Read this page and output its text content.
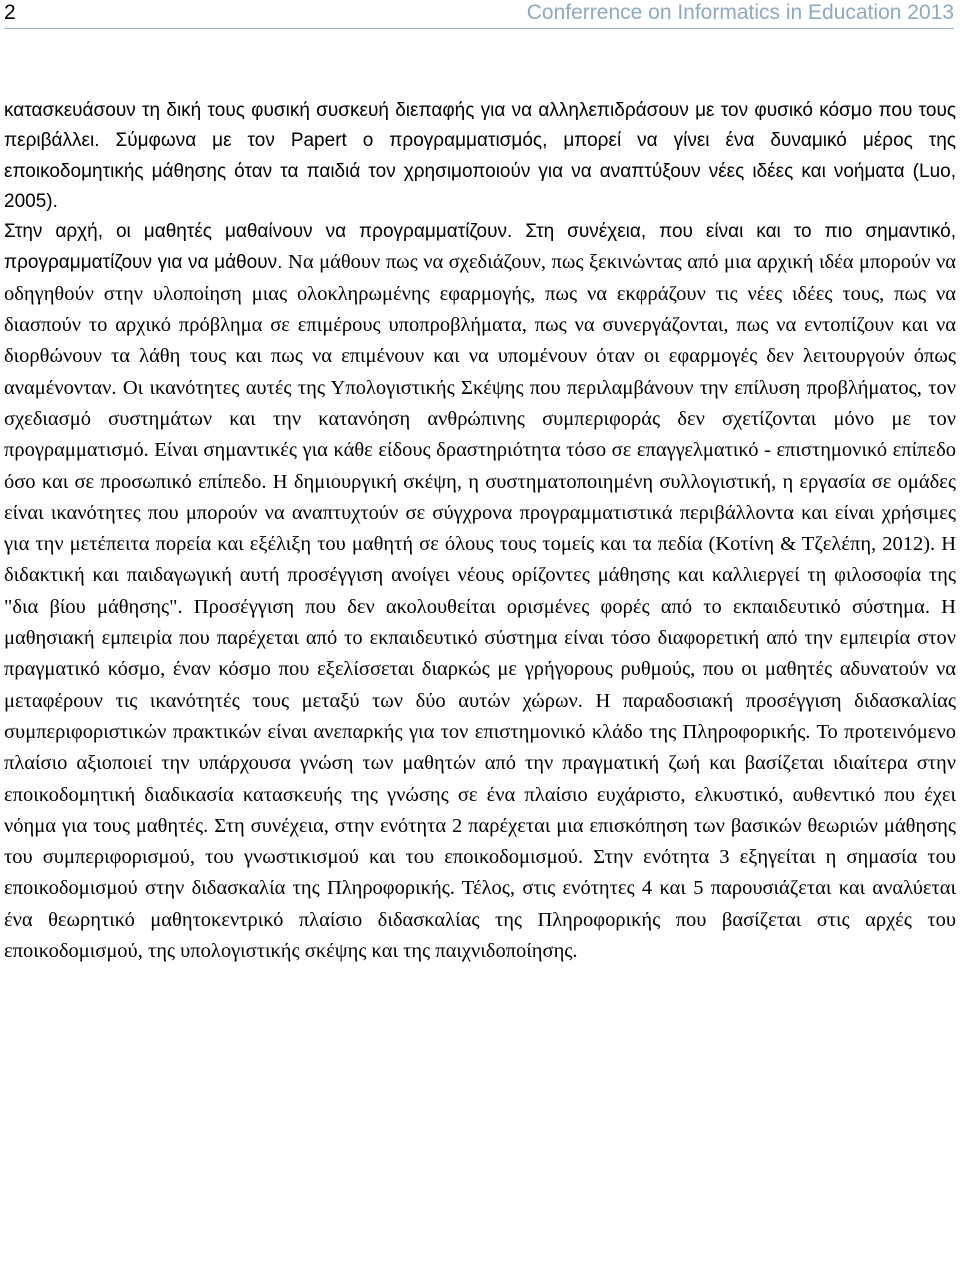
2	Conferrence on Informatics in Education 2013

κατασκευάσουν τη δική τους φυσική συσκευή διεπαφής για να αλληλεπιδράσουν με τον φυσικό κόσμο που τους περιβάλλει. Σύμφωνα με τον Papert ο προγραμματισμός, μπορεί να γίνει ένα δυναμικό μέρος της εποικοδομητικής μάθησης όταν τα παιδιά τον χρησιμοποιούν για να αναπτύξουν νέες ιδέες και νοήματα (Luo, 2005).

Στην αρχή, οι μαθητές μαθαίνουν να προγραμματίζουν. Στη συνέχεια, που είναι και το πιο σημαντικό, προγραμματίζουν για να μάθουν. Να μάθουν πως να σχεδιάζουν, πως ξεκινώντας από μια αρχική ιδέα μπορούν να οδηγηθούν στην υλοποίηση μιας ολοκληρωμένης εφαρμογής, πως να εκφράζουν τις νέες ιδέες τους, πως να διασπούν το αρχικό πρόβλημα σε επιμέρους υποπροβλήματα, πως να συνεργάζονται, πως να εντοπίζουν και να διορθώνουν τα λάθη τους και πως να επιμένουν και να υπομένουν όταν οι εφαρμογές δεν λειτουργούν όπως αναμένονταν. Οι ικανότητες αυτές της Υπολογιστικής Σκέψης που περιλαμβάνουν την επίλυση προβλήματος, τον σχεδιασμό συστημάτων και την κατανόηση ανθρώπινης συμπεριφοράς δεν σχετίζονται μόνο με τον προγραμματισμό. Είναι σημαντικές για κάθε είδους δραστηριότητα τόσο σε επαγγελματικό - επιστημονικό επίπεδο όσο και σε προσωπικό επίπεδο. Η δημιουργική σκέψη, η συστηματοποιημένη συλλογιστική, η εργασία σε ομάδες είναι ικανότητες που μπορούν να αναπτυχτούν σε σύγχρονα προγραμματιστικά περιβάλλοντα και είναι χρήσιμες για την μετέπειτα πορεία και εξέλιξη του μαθητή σε όλους τους τομείς και τα πεδία (Κοτίνη & Τζελέπη, 2012). Η διδακτική και παιδαγωγική αυτή προσέγγιση ανοίγει νέους ορίζοντες μάθησης και καλλιεργεί τη φιλοσοφία της "δια βίου μάθησης". Προσέγγιση που δεν ακολουθείται ορισμένες φορές από το εκπαιδευτικό σύστημα. Η μαθησιακή εμπειρία που παρέχεται από το εκπαιδευτικό σύστημα είναι τόσο διαφορετική από την εμπειρία στον πραγματικό κόσμο, έναν κόσμο που εξελίσσεται διαρκώς με γρήγορους ρυθμούς, που οι μαθητές αδυνατούν να μεταφέρουν τις ικανότητές τους μεταξύ των δύο αυτών χώρων. Η παραδοσιακή προσέγγιση διδασκαλίας συμπεριφοριστικών πρακτικών είναι ανεπαρκής για τον επιστημονικό κλάδο της Πληροφορικής. Το προτεινόμενο πλαίσιο αξιοποιεί την υπάρχουσα γνώση των μαθητών από την πραγματική ζωή και βασίζεται ιδιαίτερα στην εποικοδομητική διαδικασία κατασκευής της γνώσης σε ένα πλαίσιο ευχάριστο, ελκυστικό, αυθεντικό που έχει νόημα για τους μαθητές. Στη συνέχεια, στην ενότητα 2 παρέχεται μια επισκόπηση των βασικών θεωριών μάθησης του συμπεριφορισμού, του γνωστικισμού και του εποικοδομισμού. Στην ενότητα 3 εξηγείται η σημασία του εποικοδομισμού στην διδασκαλία της Πληροφορικής. Τέλος, στις ενότητες 4 και 5 παρουσιάζεται και αναλύεται ένα θεωρητικό μαθητοκεντρικό πλαίσιο διδασκαλίας της Πληροφορικής που βασίζεται στις αρχές του εποικοδομισμού, της υπολογιστικής σκέψης και της παιχνιδοποίησης.
